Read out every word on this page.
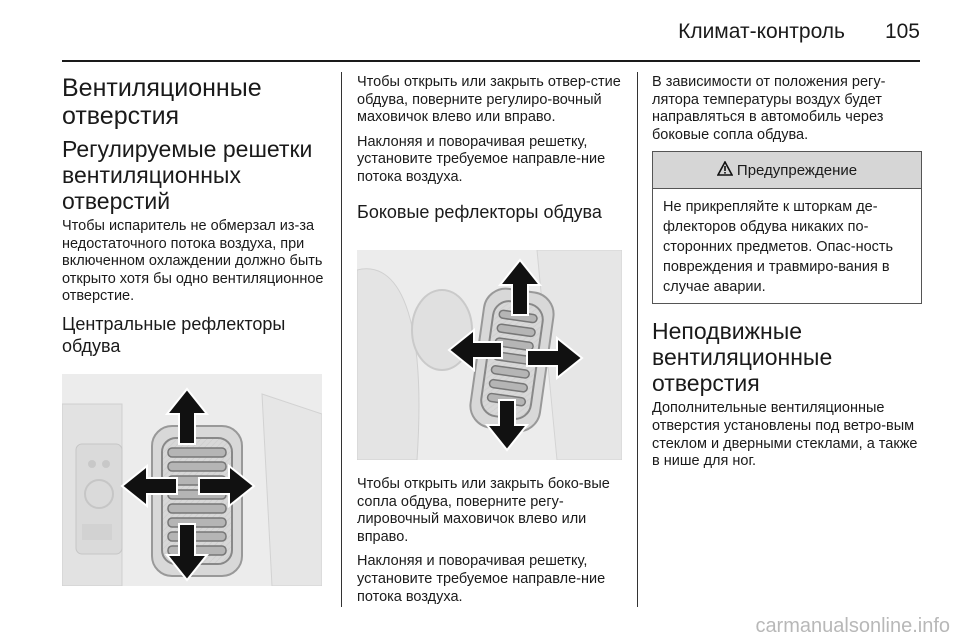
Климат-контроль 105
Вентиляционные отверстия
Регулируемые решетки вентиляционных отверстий

Чтобы испаритель не обмерзал из-за недостаточного потока воздуха, при включенном охлаждении должно быть открыто хотя бы одно вентиляционное отверстие.

Центральные рефлекторы обдува

Чтобы открыть или закрыть отвер-стие обдува, поверните регулиро-вочный маховичок влево или вправо.

Наклоняя и поворачивая решетку, установите требуемое направле-ние потока воздуха.

Боковые рефлекторы обдува

Чтобы открыть или закрыть боко-вые сопла обдува, поверните регу-лировочный маховичок влево или вправо.

Наклоняя и поворачивая решетку, установите требуемое направле-ние потока воздуха.

В зависимости от положения регу-лятора температуры воздух будет направляться в автомобиль через боковые сопла обдува.

Предупреждение
Не прикрепляйте к шторкам де-флекторов обдува никаких по-сторонних предметов. Опас-ность повреждения и травмиро-вания в случае аварии.
Неподвижные вентиляционные отверстия

Дополнительные вентиляционные отверстия установлены под ветро-вым стеклом и дверными стеклами, а также в нише для ног.

carmanualsonline.info
